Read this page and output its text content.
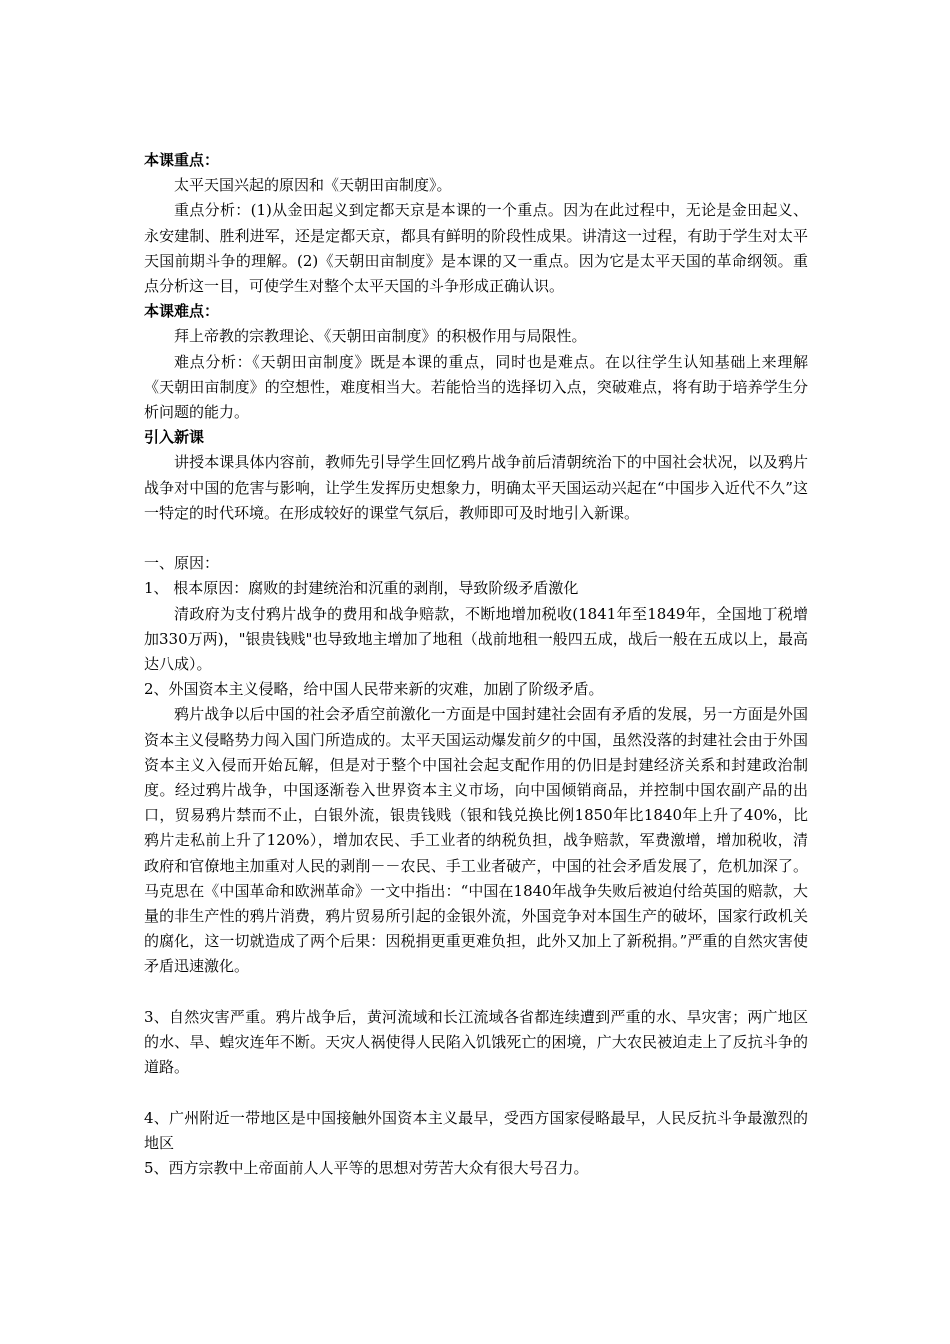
本课重点：

太平天国兴起的原因和《天朝田亩制度》。

重点分析：(1)从金田起义到定都天京是本课的一个重点。因为在此过程中，无论是金田起义、永安建制、胜利进军，还是定都天京，都具有鲜明的阶段性成果。讲清这一过程，有助于学生对太平天国前期斗争的理解。(2)《天朝田亩制度》是本课的又一重点。因为它是太平天国的革命纲领。重点分析这一目，可使学生对整个太平天国的斗争形成正确认识。

本课难点：

拜上帝教的宗教理论、《天朝田亩制度》的积极作用与局限性。

难点分析：《天朝田亩制度》既是本课的重点，同时也是难点。在以往学生认知基础上来理解《天朝田亩制度》的空想性，难度相当大。若能恰当的选择切入点，突破难点，将有助于培养学生分析问题的能力。

引入新课

讲授本课具体内容前，教师先引导学生回忆鸦片战争前后清朝统治下的中国社会状况，以及鸦片战争对中国的危害与影响，让学生发挥历史想象力，明确太平天国运动兴起在“中国步入近代不久”这一特定的时代环境。在形成较好的课堂气氛后，教师即可及时地引入新课。

一、原因：

1、 根本原因：腐败的封建统治和沉重的剥削，导致阶级矛盾激化

清政府为支付鸦片战争的费用和战争赔款，不断地增加税收(1841年至1849年，全国地丁税增加330万两)，"银贵钱贱"也导致地主增加了地租（战前地租一般四五成，战后一般在五成以上，最高达八成）。

2、外国资本主义侵略，给中国人民带来新的灾难，加剧了阶级矛盾。

鸦片战争以后中国的社会矛盾空前激化一方面是中国封建社会固有矛盾的发展，另一方面是外国资本主义侵略势力闯入国门所造成的。太平天国运动爆发前夕的中国，虽然没落的封建社会由于外国资本主义入侵而开始瓦解，但是对于整个中国社会起支配作用的仍旧是封建经济关系和封建政治制度。经过鸦片战争，中国逐渐卷入世界资本主义市场，向中国倾销商品，并控制中国农副产品的出口，贸易鸦片禁而不止，白银外流，银贵钱贱（银和钱兑换比例1850年比1840年上升了40%，比鸦片走私前上升了120%），增加农民、手工业者的纳税负担，战争赔款，军费激增，增加税收，清政府和官僚地主加重对人民的剥削－－农民、手工业者破产，中国的社会矛盾发展了，危机加深了。马克思在《中国革命和欧洲革命》一文中指出：“中国在1840年战争失败后被迫付给英国的赔款，大量的非生产性的鸦片消费，鸦片贸易所引起的金银外流，外国竞争对本国生产的破坏，国家行政机关的腐化，这一切就造成了两个后果：因税捐更重更难负担，此外又加上了新税捐。”严重的自然灾害使矛盾迅速激化。

3、自然灾害严重。鸦片战争后，黄河流域和长江流域各省都连续遭到严重的水、旱灾害；两广地区的水、旱、蝗灾连年不断。天灾人祸使得人民陷入饥饿死亡的困境，广大农民被迫走上了反抗斗争的道路。

4、广州附近一带地区是中国接触外国资本主义最早，受西方国家侵略最早，人民反抗斗争最激烈的地区

5、西方宗教中上帝面前人人平等的思想对劳苦大众有很大号召力。
